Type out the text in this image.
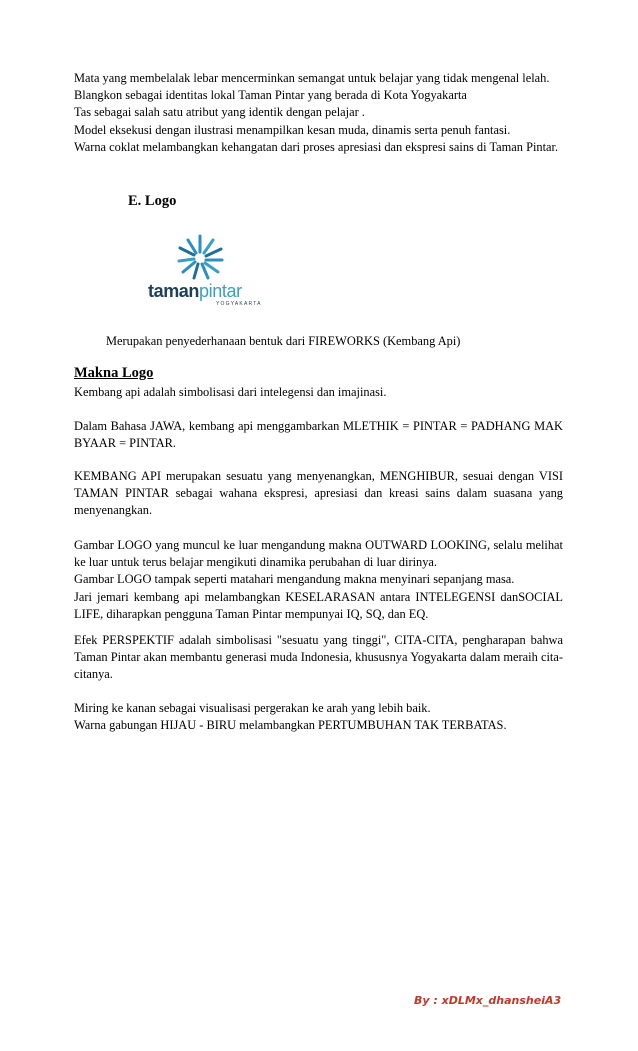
Mata yang membelalak lebar mencerminkan semangat untuk belajar yang tidak mengenal lelah.

Blangkon sebagai identitas lokal Taman Pintar yang berada di Kota Yogyakarta

Tas sebagai salah satu atribut yang identik dengan pelajar .

Model eksekusi dengan ilustrasi menampilkan kesan muda, dinamis serta penuh fantasi.

Warna coklat melambangkan kehangatan dari proses apresiasi dan ekspresi sains di Taman Pintar.

E. Logo
tamanpintar
YOGYAKARTA
Merupakan penyederhanaan bentuk dari FIREWORKS (Kembang Api)
Makna Logo

Kembang api adalah simbolisasi dari intelegensi dan imajinasi.

Dalam Bahasa JAWA, kembang api menggambarkan MLETHIK = PINTAR = PADHANG MAK BYAAR = PINTAR.

KEMBANG API merupakan sesuatu yang menyenangkan, MENGHIBUR, sesuai dengan VISI TAMAN PINTAR sebagai wahana ekspresi, apresiasi dan kreasi sains dalam suasana yang menyenangkan.

Gambar LOGO yang muncul ke luar mengandung makna OUTWARD LOOKING, selalu melihat ke luar untuk terus belajar mengikuti dinamika perubahan di luar dirinya.

Gambar LOGO tampak seperti matahari mengandung makna menyinari sepanjang masa.

Jari jemari kembang api melambangkan KESELARASAN antara INTELEGENSI danSOCIAL LIFE, diharapkan pengguna Taman Pintar mempunyai IQ, SQ, dan EQ.

Efek PERSPEKTIF adalah simbolisasi "sesuatu yang tinggi", CITA-CITA, pengharapan bahwa Taman Pintar akan membantu generasi muda Indonesia, khususnya Yogyakarta dalam meraih cita-citanya.

Miring ke kanan sebagai visualisasi pergerakan ke arah yang lebih baik.

Warna gabungan HIJAU - BIRU melambangkan PERTUMBUHAN TAK TERBATAS.

By : xDLMx_dhansheiA3
